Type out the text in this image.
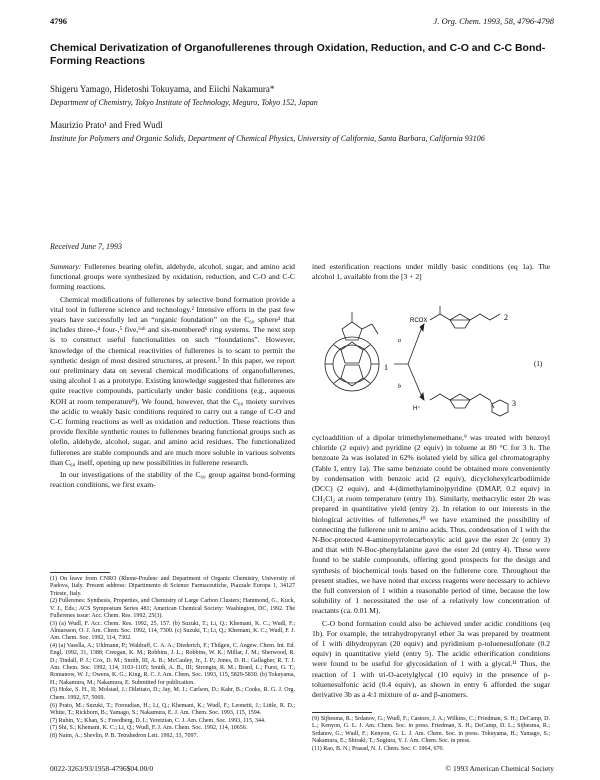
4796	J. Org. Chem. 1993, 58, 4796-4798
Chemical Derivatization of Organofullerenes through Oxidation, Reduction, and C-O and C-C Bond-Forming Reactions
Shigeru Yamago, Hidetoshi Tokuyama, and Eiichi Nakamura*
Department of Chemistry, Tokyo Institute of Technology, Meguro, Tokyo 152, Japan
Maurizio Prato¹ and Fred Wudl
Institute for Polymers and Organic Solids, Department of Chemical Physics, University of California, Santa Barbara, California 93106
Received June 7, 1993

Summary: Fullerenes bearing olefin, aldehyde, alcohol, sugar, and amino acid functional groups were synthesized by oxidation, reduction, and C-O and C-C forming reactions.

Chemical modifications of fullerenes by selective bond formation provide a vital tool in fullerene science and technology.² Intensive efforts in the past few years have successfully led an “organic foundation” on the C₆₀ sphere³ that includes three-,⁴ four-,⁵ five,⁶ᵃᵇ and six-membered⁶ ring systems. The next step is to construct useful functionalities on such “foundations”. However, knowledge of the chemical reactivities of fullerenes is to scant to permit the synthetic design of most desired structures, at present.⁷ In this paper, we report our preliminary data on several chemical modifications of organofullerenes, using alcohol 1 as a prototype. Existing knowledge suggested that fullerenes are quite reactive compounds, particularly under basic conditions (e.g., aqueous KOH at room temperature⁸). We found, however, that the C₆₀ moiety survives the acidic to weakly basic conditions required to carry out a range of C-O and C-C forming reactions as well as oxidation and reduction. These reactions thus provide flexible synthetic routes to fullerenes bearing functional groups such as olefin, aldehyde, alcohol, sugar, and amino acid residues. The functionalized fullerenes are stable compounds and are much more soluble in various solvents than C₆₀ itself, opening up new possibilities in fullerene research.

In our investigations of the stability of the C₆₀ group against bond-forming reaction conditions, we first exam-

(1) On leave from CNRO (Rhone-Poulenc and Department of Organic Chemistry, University of Padova, Italy. Present address: Dipartimento di Scienze Farmaceutiche, Piazzale Europa 1, 34127 Trieste, Italy.

(2) Fullerenes: Synthesis, Properties, and Chemistry of Large Carbon Clusters; Hammond, G., Kuck, V. J., Eds.; ACS Symposium Series 481; American Chemical Society: Washington, DC, 1992. The Fullerenes issue: Acc. Chem. Res. 1992, 25(3).

(3) (a) Wudl, F. Acc. Chem. Res. 1992, 25, 157. (b) Suzuki, T.; Li, Q.; Khemani, K. C.; Wudl, F.; Almarsson, O. J. Am. Chem. Soc. 1992, 114, 7300. (c) Suzuki, T.; Li, Q.; Khemani, K. C.; Wudl, F. J. Am. Chem. Soc. 1992, 114, 7302.

(4) (a) Vasella, A.; Uhlmann, P.; Waldraff, C. A. A.; Diederich, F.; Thilgen, C. Angew. Chem. Int. Ed. Engl. 1992, 31, 1388; Creegan, K. M.; Robbins, J. L.; Robbins, W. K.; Millar, J. M.; Sherwood, R. D.; Tindall, P. J.; Cox, D. M.; Smith, III, A. B.; McCauley, Jr., J. P.; Jones, D. R.; Gallagher, R. T. J. Am. Chem. Soc. 1992, 114, 1103-1105; Smith, A. B., III; Strongin, R. M.; Brard, L.; Furst, G. T.; Romanow, W. J.; Owens, K. G.; King, R. C. J. Am. Chem. Soc. 1993, 115, 5829-5830. (b) Tokuyama, H.; Nakamura, M.; Nakamura, E. Submitted for publication.

(5) Hoke, S. H., II; Molstad, J.; Dilettato, D.; Jay, M. J.; Carlson, D.; Kahr, B.; Cooks, R. G. J. Org. Chem. 1992, 57, 5069.

(6) Prato, M.; Suzuki, T.; Foroudian, H.; Li, Q.; Khemani, K.; Wudl, F.; Leonetti, J.; Little, R. D.; White, T.; Rickborn, B.; Yamago, S.; Nakamura, E. J. Am. Chem. Soc. 1993, 115, 1594.

(7) Rubin, Y.; Khan, S.; Freedberg, D. I.; Yeretzian, C. J. Am. Chem. Soc. 1993, 115, 344.

(7) Shi, S.; Khemani, K. C.; Li, Q.; Wudl, F. J. Am. Chem. Soc. 1992, 114, 10656.

(8) Naim, A.; Shevlin, P. B. Tetrahedron Lett. 1992, 33, 7097.

ined esterification reactions under mildly basic conditions (eq 1a). The alcohol 1, available from the [3 + 2]

1
RCOX
H⁺
a
b
2
3
(1)

cycloaddition of a dipolar trimethylenemethane,⁹ was treated with benzoyl chloride (2 equiv) and pyridine (2 equiv) in toluene at 80 °C for 3 h. The benzoate 2a was isolated in 62% isolated yield by silica gel chromatography (Table I, entry 1a). The same benzoate could be obtained more conveniently by condensation with benzoic acid (2 equiv), dicyclohexylcarbodiimide (DCC) (2 equiv), and 4-(dimethylamino)pyridine (DMAP, 0.2 equiv) in CH₂Cl₂ at room temperature (entry 1b). Similarly, methacrylic ester 2b was prepared in quantitative yield (entry 2). In relation to our interests in the biological activities of fullerenes,¹⁰ we have examined the possibility of connecting the fullerene unit to amino acids. Thus, condensation of 1 with the N-Boc-protected 4-aminopyrrolecarboxylic acid gave the ester 2c (entry 3) and that with N-Boc-phenylalanine gave the ester 2d (entry 4). These were found to be stable compounds, offering good prospects for the design and synthesis of biochemical tools based on the fullerene core. Throughout the present studies, we have noted that excess reagents were necessary to achieve the full conversion of 1 within a reasonable period of time, because the low solubility of 1 necessitated the use of a relatively low concentration of reactants (ca. 0.01 M).

C-O bond formation could also be achieved under acidic conditions (eq 1b). For example, the tetrahydropyranyl ether 3a was prepared by treatment of 1 with dihydropyran (20 equiv) and pyridinium p-toluenesulfonate (0.2 equiv) in quantitative yield (entry 5). The acidic etherification conditions were found to be useful for glycosidation of 1 with a glycal.¹¹ Thus, the reaction of 1 with tri-O-acetylglycal (10 equiv) in the presence of p-toluenesulfonic acid (0.4 equiv), as shown in entry 6 afforded the sugar derivative 3b as a 4:1 mixture of α- and β-anomers.

(9) Sijbesma, R.; Srdanov, G.; Wudl, F.; Castoro, J. A.; Wilkins, C.; Friedman, S. H.; DeCamp, D. L.; Kenyon, G. L. J. Am. Chem. Soc. in press. Friedman, S. H.; DeCamp, D. L.; Sijbesma, R.; Srdanov, G.; Wudl, F.; Kenyon, G. L. J. Am. Chem. Soc. in press. Tokuyama, H.; Yamago, S.; Nakamura, E.; Shiraki, T.; Sugiura, Y. J. Am. Chem. Soc. in press.

(11) Rao, B. N.; Prasad, N. J. Chem. Soc. C 1964, 670.

0022-3263/93/1958-4796$04.00/0	© 1993 American Chemical Society
